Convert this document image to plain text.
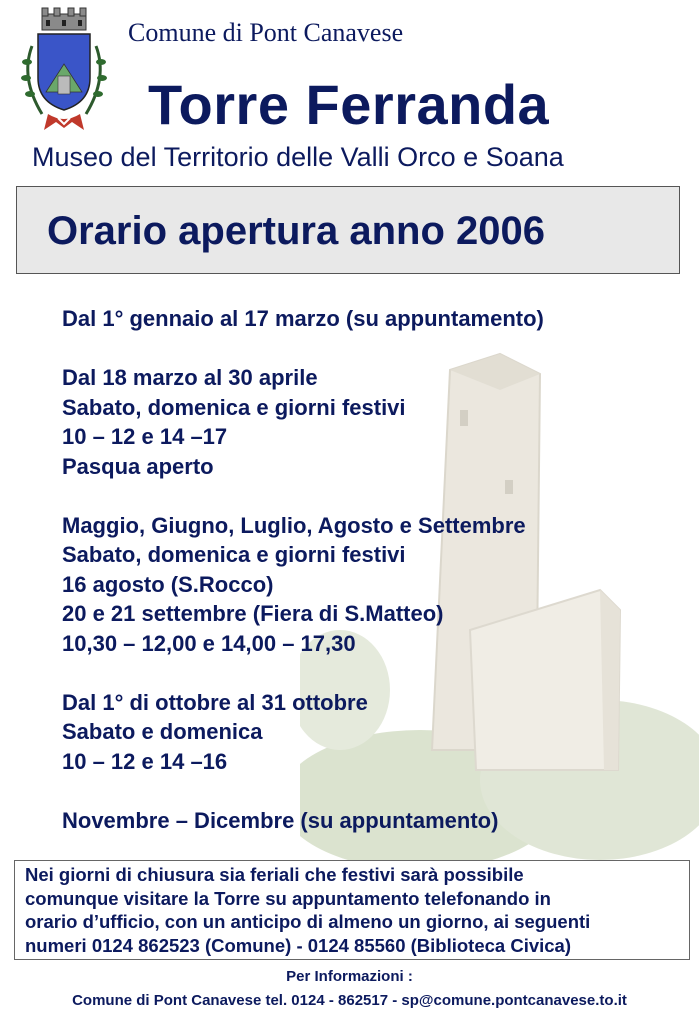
Comune di Pont Canavese
Torre Ferranda
Museo del Territorio delle Valli Orco e Soana
Orario apertura anno 2006
Dal 1° gennaio al 17 marzo (su appuntamento)
Dal 18 marzo al 30 aprile
Sabato, domenica e giorni festivi
10 – 12 e 14 –17
Pasqua aperto
Maggio, Giugno, Luglio, Agosto e Settembre
Sabato, domenica e giorni festivi
16 agosto (S.Rocco)
20 e 21 settembre (Fiera di S.Matteo)
10,30 – 12,00 e 14,00 – 17,30
Dal 1° di ottobre al 31 ottobre
Sabato e domenica
10 – 12 e 14 –16
Novembre – Dicembre (su appuntamento)
Nei giorni di chiusura sia feriali che festivi sarà possibile
comunque visitare la Torre su appuntamento telefonando in
orario d’ufficio, con un anticipo di almeno un giorno, ai seguenti
numeri 0124 862523 (Comune) - 0124 85560 (Biblioteca Civica)
Per Informazioni :
Comune di Pont Canavese tel. 0124 - 862517 - sp@comune.pontcanavese.to.it
